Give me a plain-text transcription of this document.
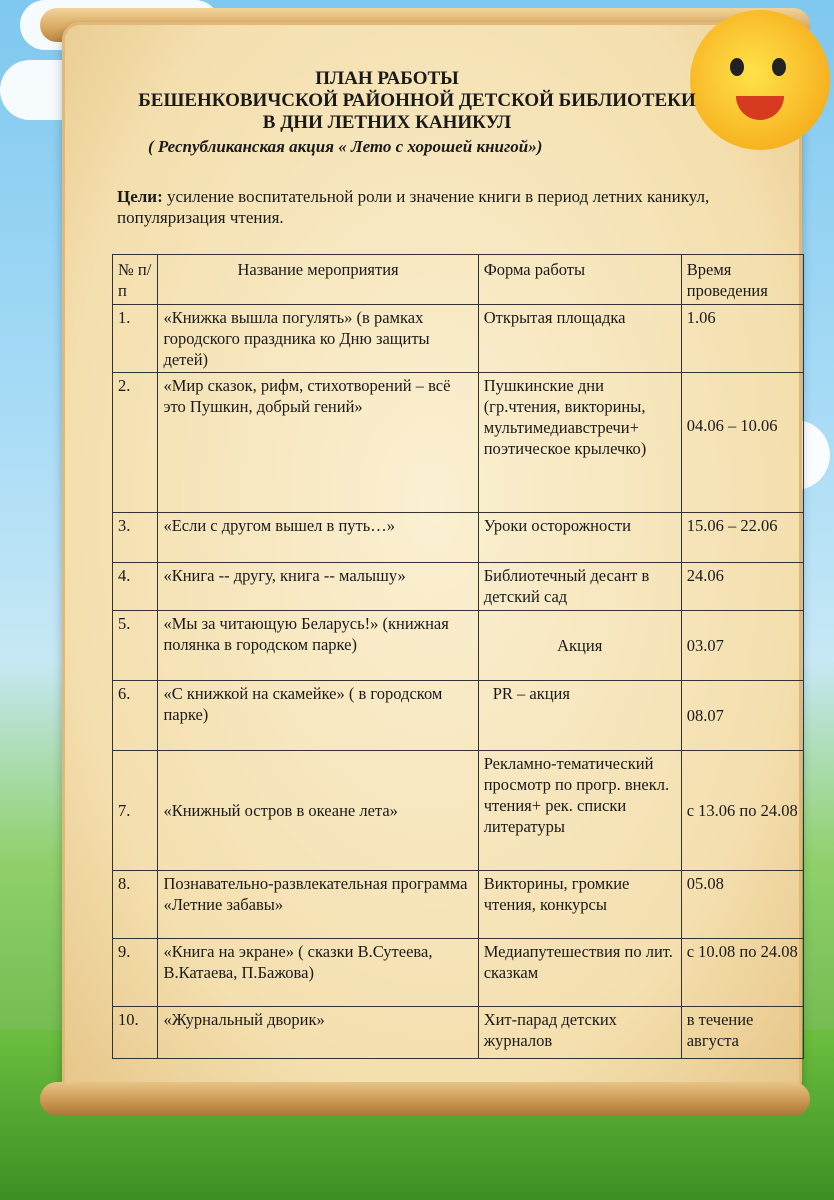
ПЛАН РАБОТЫ
БЕШЕНКОВИЧСКОЙ РАЙОННОЙ ДЕТСКОЙ БИБЛИОТЕКИ
В ДНИ ЛЕТНИХ КАНИКУЛ
( Республиканская акция « Лето с хорошей книгой»)
Цели: усиление воспитательной роли и значение книги в период летних каникул, популяризация чтения.
№ п/п	Название мероприятия	Форма работы	Время проведения
1.	«Книжка вышла погулять» (в рамках городского праздника ко Дню защиты детей)	Открытая площадка	1.06
2.	«Мир сказок, рифм, стихотворений – всё это Пушкин, добрый гений»	Пушкинские дни (гр.чтения, викторины, мультимедиавстречи+ поэтическое крылечко)	04.06 – 10.06
3.	«Если с другом вышел в путь…»	Уроки осторожности	15.06 – 22.06
4.	«Книга -- другу, книга -- малышу»	Библиотечный десант в детский сад	24.06
5.	«Мы за читающую Беларусь!» (книжная полянка в городском парке)	Акция	03.07
6.	«С книжкой на скамейке» ( в городском парке)	PR – акция	08.07
7.	«Книжный остров в океане лета»	Рекламно-тематический просмотр по прогр. внекл. чтения+ рек. списки литературы	с 13.06 по 24.08
8.	Познавательно-развлекательная программа «Летние забавы»	Викторины, громкие чтения, конкурсы	05.08
9.	«Книга на экране» ( сказки В.Сутеева, В.Катаева, П.Бажова)	Медиапутешествия по лит. сказкам	с 10.08 по 24.08
10.	«Журнальный дворик»	Хит-парад детских журналов	в течение августа
